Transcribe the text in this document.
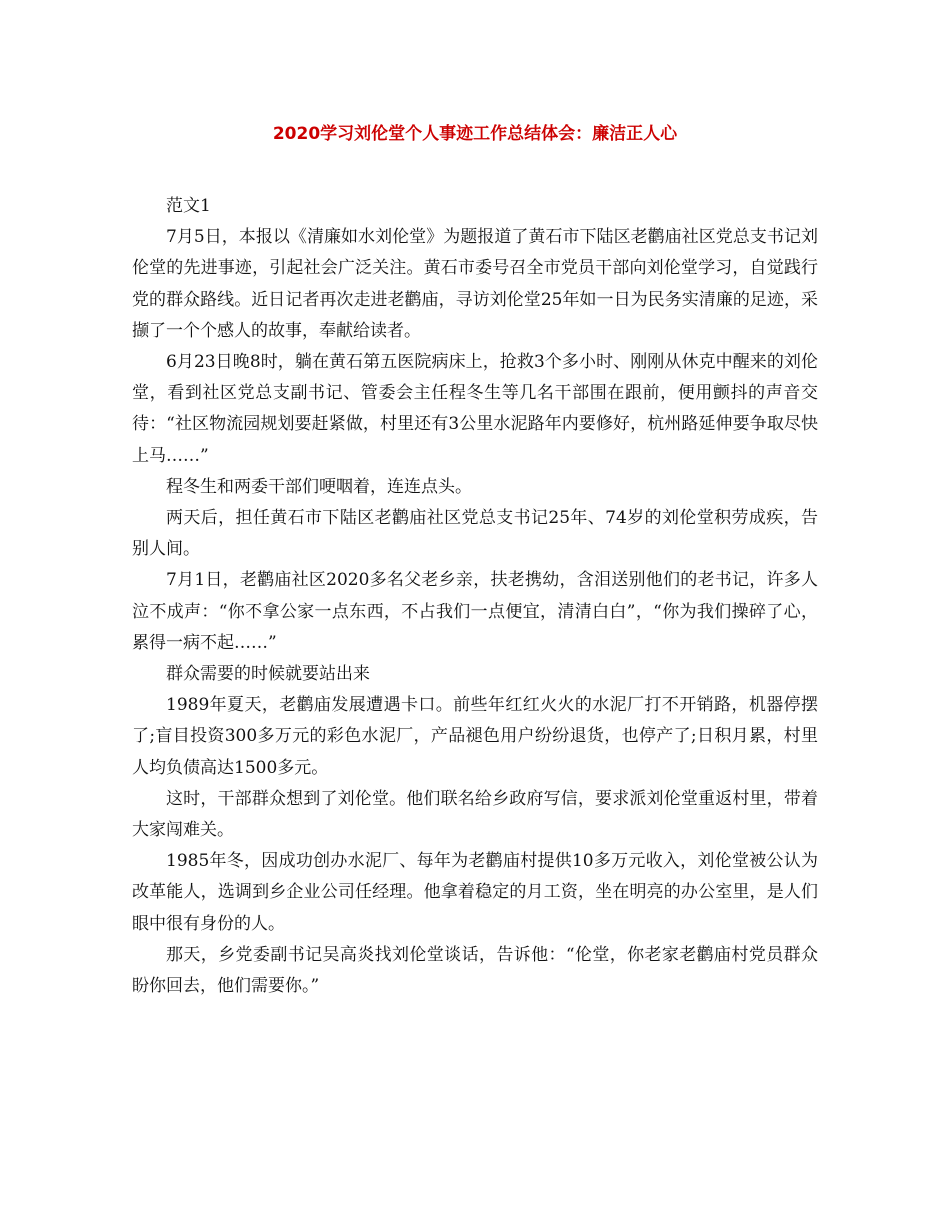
2020学习刘伦堂个人事迹工作总结体会：廉洁正人心

范文1

7月5日，本报以《清廉如水刘伦堂》为题报道了黄石市下陆区老鹳庙社区党总支书记刘伦堂的先进事迹，引起社会广泛关注。黄石市委号召全市党员干部向刘伦堂学习，自觉践行党的群众路线。近日记者再次走进老鹳庙，寻访刘伦堂25年如一日为民务实清廉的足迹，采撷了一个个感人的故事，奉献给读者。

6月23日晚8时，躺在黄石第五医院病床上，抢救3个多小时、刚刚从休克中醒来的刘伦堂，看到社区党总支副书记、管委会主任程冬生等几名干部围在跟前，便用颤抖的声音交待：“社区物流园规划要赶紧做，村里还有3公里水泥路年内要修好，杭州路延伸要争取尽快上马……”

程冬生和两委干部们哽咽着，连连点头。

两天后，担任黄石市下陆区老鹳庙社区党总支书记25年、74岁的刘伦堂积劳成疾，告别人间。

7月1日，老鹳庙社区2020多名父老乡亲，扶老携幼，含泪送别他们的老书记，许多人泣不成声：“你不拿公家一点东西，不占我们一点便宜，清清白白”，“你为我们操碎了心，累得一病不起……”

群众需要的时候就要站出来

1989年夏天，老鹳庙发展遭遇卡口。前些年红红火火的水泥厂打不开销路，机器停摆了;盲目投资300多万元的彩色水泥厂，产品褪色用户纷纷退货，也停产了;日积月累，村里人均负债高达1500多元。

这时，干部群众想到了刘伦堂。他们联名给乡政府写信，要求派刘伦堂重返村里，带着大家闯难关。

1985年冬，因成功创办水泥厂、每年为老鹳庙村提供10多万元收入，刘伦堂被公认为改革能人，选调到乡企业公司任经理。他拿着稳定的月工资，坐在明亮的办公室里，是人们眼中很有身份的人。

那天，乡党委副书记吴高炎找刘伦堂谈话，告诉他：“伦堂，你老家老鹳庙村党员群众盼你回去，他们需要你。”
